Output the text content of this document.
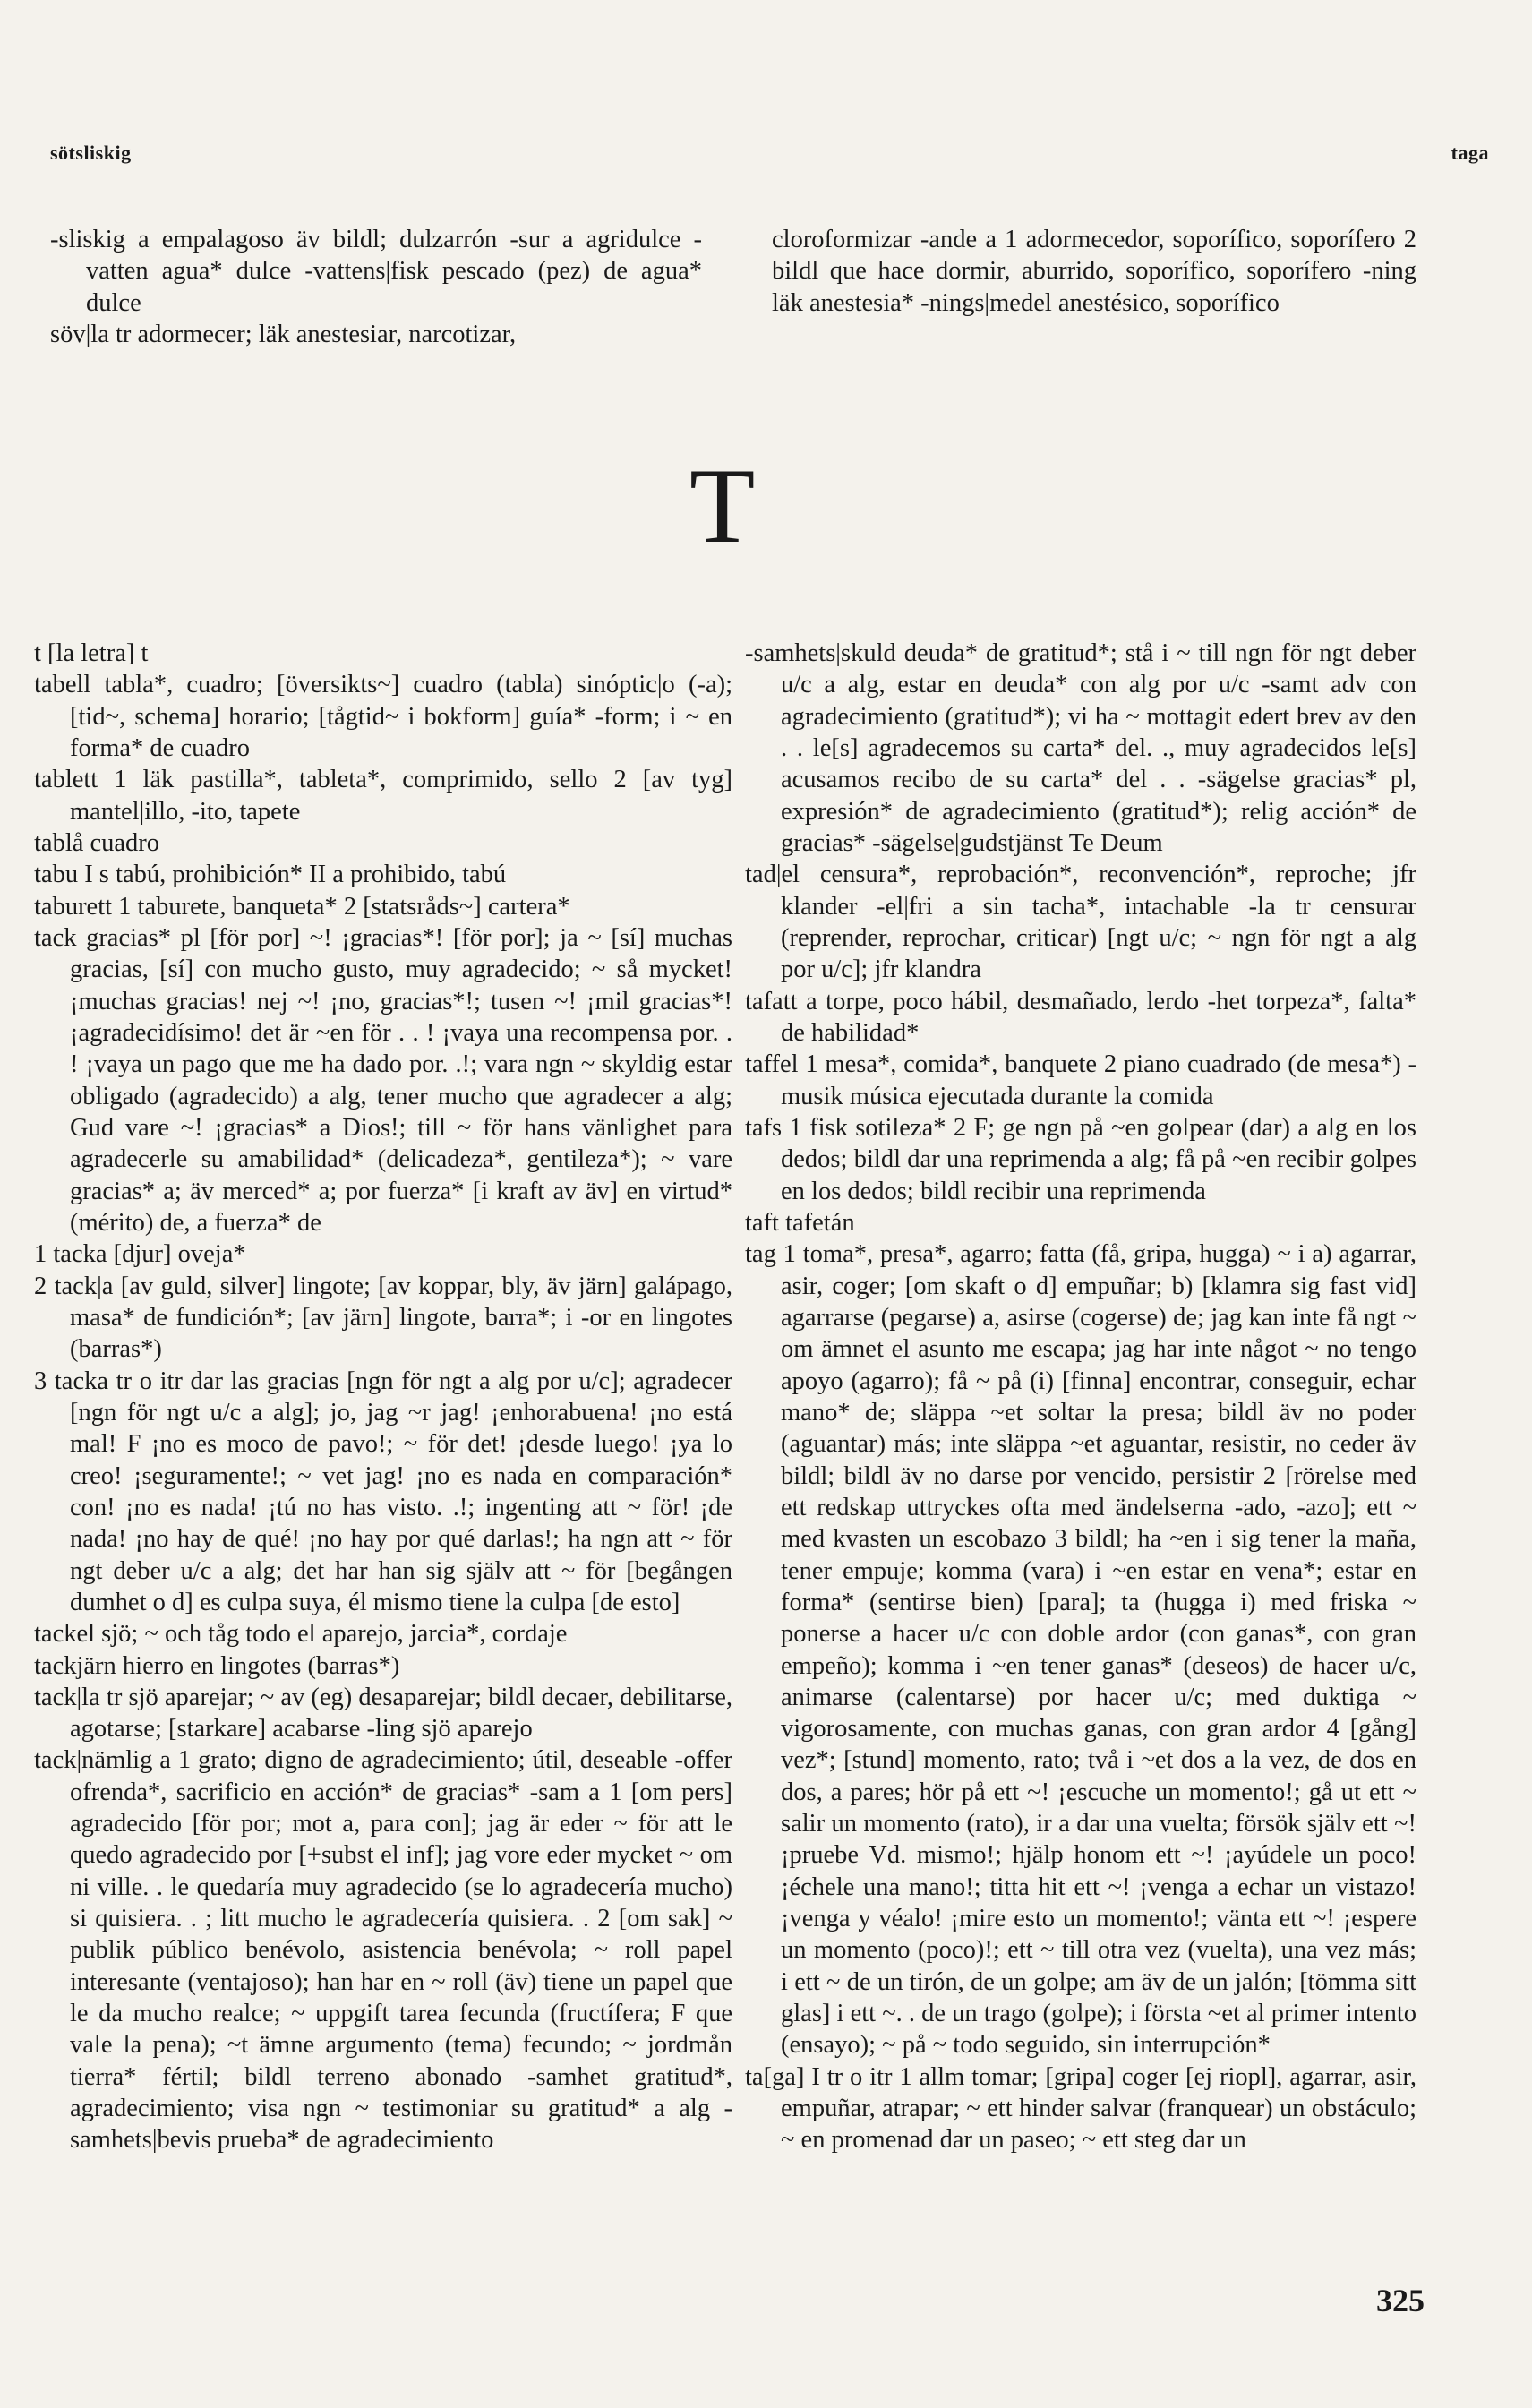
sötsliskig	taga

-sliskig a empalagoso äv bildl; dulzarrón -sur a agridulce -vatten agua* dulce -vattens|fisk pescado (pez) de agua* dulce

söv|la tr adormecer; läk anestesiar, narcotizar,

cloroformizar -ande a 1 adormecedor, soporífico, soporífero 2 bildl que hace dormir, aburrido, soporífico, soporífero -ning läk anestesia* -nings|medel anestésico, soporífico

T

t [la letra] t

tabell tabla*, cuadro; [översikts~] cuadro (tabla) sinóptic|o (-a); [tid~, schema] horario; [tågtid~ i bokform] guía* -form; i ~ en forma* de cuadro

tablett 1 läk pastilla*, tableta*, comprimido, sello 2 [av tyg] mantel|illo, -ito, tapete

tablå cuadro

tabu I s tabú, prohibición* II a prohibido, tabú

taburett 1 taburete, banqueta* 2 [statsråds~] cartera*

tack gracias* pl [för por] ~! ¡gracias*! [för por]; ja ~ [sí] muchas gracias, [sí] con mucho gusto, muy agradecido; ~ så mycket! ¡muchas gracias! nej ~! ¡no, gracias*!; tusen ~! ¡mil gracias*! ¡agradecidísimo! det är ~en för . . ! ¡vaya una recompensa por. . ! ¡vaya un pago que me ha dado por. .!; vara ngn ~ skyldig estar obligado (agradecido) a alg, tener mucho que agradecer a alg; Gud vare ~! ¡gracias* a Dios!; till ~ för hans vänlighet para agradecerle su amabilidad* (delicadeza*, gentileza*); ~ vare gracias* a; äv merced* a; por fuerza* [i kraft av äv] en virtud* (mérito) de, a fuerza* de

1 tacka [djur] oveja*

2 tack|a [av guld, silver] lingote; [av koppar, bly, äv järn] galápago, masa* de fundición*; [av järn] lingote, barra*; i -or en lingotes (barras*)

3 tacka tr o itr dar las gracias [ngn för ngt a alg por u/c]; agradecer [ngn för ngt u/c a alg]; jo, jag ~r jag! ¡enhorabuena! ¡no está mal! F ¡no es moco de pavo!; ~ för det! ¡desde luego! ¡ya lo creo! ¡seguramente!; ~ vet jag! ¡no es nada en comparación* con! ¡no es nada! ¡tú no has visto. .!; ingenting att ~ för! ¡de nada! ¡no hay de qué! ¡no hay por qué darlas!; ha ngn att ~ för ngt deber u/c a alg; det har han sig själv att ~ för [begången dumhet o d] es culpa suya, él mismo tiene la culpa [de esto]

tackel sjö; ~ och tåg todo el aparejo, jarcia*, cordaje

tackjärn hierro en lingotes (barras*)

tack|la tr sjö aparejar; ~ av (eg) desaparejar; bildl decaer, debilitarse, agotarse; [starkare] acabarse -ling sjö aparejo

tack|nämlig a 1 grato; digno de agradecimiento; útil, deseable -offer ofrenda*, sacrificio en acción* de gracias* -sam a 1 [om pers] agradecido [för por; mot a, para con]; jag är eder ~ för att le quedo agradecido por [+subst el inf]; jag vore eder mycket ~ om ni ville. . le quedaría muy agradecido (se lo agradecería mucho) si quisiera. . ; litt mucho le agradecería quisiera. . 2 [om sak] ~ publik público benévolo, asistencia benévola; ~ roll papel interesante (ventajoso); han har en ~ roll (äv) tiene un papel que le da mucho realce; ~ uppgift tarea fecunda (fructífera; F que vale la pena); ~t ämne argumento (tema) fecundo; ~ jordmån tierra* fértil; bildl terreno abonado -samhet gratitud*, agradecimiento; visa ngn ~ testimoniar su gratitud* a alg -samhets|bevis prueba* de agradecimiento

-samhets|skuld deuda* de gratitud*; stå i ~ till ngn för ngt deber u/c a alg, estar en deuda* con alg por u/c -samt adv con agradecimiento (gratitud*); vi ha ~ mottagit edert brev av den . . le[s] agradecemos su carta* del. ., muy agradecidos le[s] acusamos recibo de su carta* del . . -sägelse gracias* pl, expresión* de agradecimiento (gratitud*); relig acción* de gracias* -sägelse|gudstjänst Te Deum

tad|el censura*, reprobación*, reconvención*, reproche; jfr klander -el|fri a sin tacha*, intachable -la tr censurar (reprender, reprochar, criticar) [ngt u/c; ~ ngn för ngt a alg por u/c]; jfr klandra

tafatt a torpe, poco hábil, desmañado, lerdo -het torpeza*, falta* de habilidad*

taffel 1 mesa*, comida*, banquete 2 piano cuadrado (de mesa*) -musik música ejecutada durante la comida

tafs 1 fisk sotileza* 2 F; ge ngn på ~en golpear (dar) a alg en los dedos; bildl dar una reprimenda a alg; få på ~en recibir golpes en los dedos; bildl recibir una reprimenda

taft tafetán

tag 1 toma*, presa*, agarro; fatta (få, gripa, hugga) ~ i a) agarrar, asir, coger; [om skaft o d] empuñar; b) [klamra sig fast vid] agarrarse (pegarse) a, asirse (cogerse) de; jag kan inte få ngt ~ om ämnet el asunto me escapa; jag har inte något ~ no tengo apoyo (agarro); få ~ på (i) [finna] encontrar, conseguir, echar mano* de; släppa ~et soltar la presa; bildl äv no poder (aguantar) más; inte släppa ~et aguantar, resistir, no ceder äv bildl; bildl äv no darse por vencido, persistir 2 [rörelse med ett redskap uttryckes ofta med ändelserna -ado, -azo]; ett ~ med kvasten un escobazo 3 bildl; ha ~en i sig tener la maña, tener empuje; komma (vara) i ~en estar en vena*; estar en forma* (sentirse bien) [para]; ta (hugga i) med friska ~ ponerse a hacer u/c con doble ardor (con ganas*, con gran empeño); komma i ~en tener ganas* (deseos) de hacer u/c, animarse (calentarse) por hacer u/c; med duktiga ~ vigorosamente, con muchas ganas, con gran ardor 4 [gång] vez*; [stund] momento, rato; två i ~et dos a la vez, de dos en dos, a pares; hör på ett ~! ¡escuche un momento!; gå ut ett ~ salir un momento (rato), ir a dar una vuelta; försök själv ett ~! ¡pruebe Vd. mismo!; hjälp honom ett ~! ¡ayúdele un poco! ¡échele una mano!; titta hit ett ~! ¡venga a echar un vistazo! ¡venga y véalo! ¡mire esto un momento!; vänta ett ~! ¡espere un momento (poco)!; ett ~ till otra vez (vuelta), una vez más; i ett ~ de un tirón, de un golpe; am äv de un jalón; [tömma sitt glas] i ett ~. . de un trago (golpe); i första ~et al primer intento (ensayo); ~ på ~ todo seguido, sin interrupción*

ta[ga] I tr o itr 1 allm tomar; [gripa] coger [ej riopl], agarrar, asir, empuñar, atrapar; ~ ett hinder salvar (franquear) un obstáculo; ~ en promenad dar un paseo; ~ ett steg dar un

325
